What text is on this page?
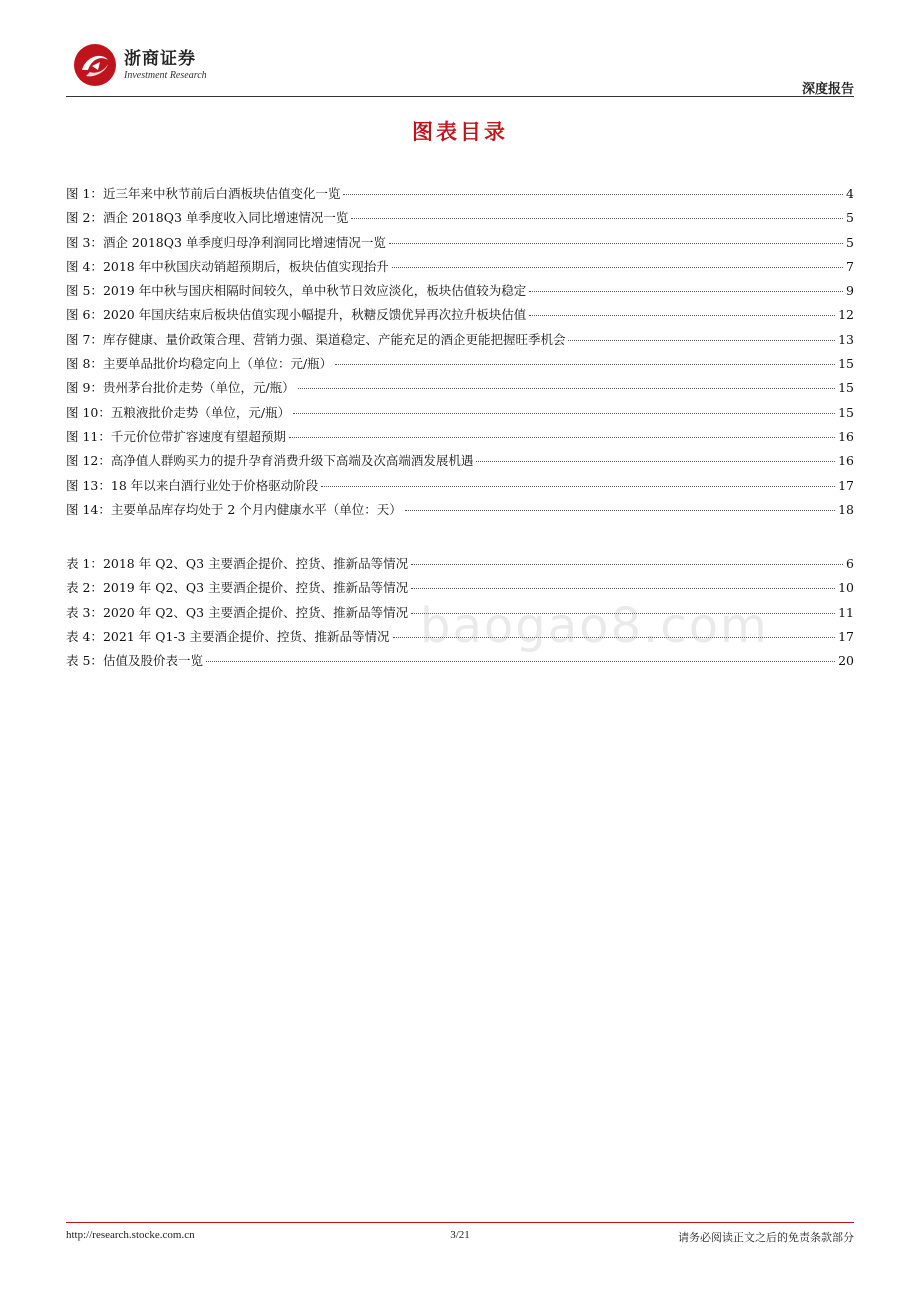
浙商证券
Investment Research
深度报告
图表目录
图 1： 近三年来中秋节前后白酒板块估值变化一览	4
图 2： 酒企 2018Q3 单季度收入同比增速情况一览	5
图 3： 酒企 2018Q3 单季度归母净利润同比增速情况一览	5
图 4： 2018 年中秋国庆动销超预期后，板块估值实现抬升	7
图 5： 2019 年中秋与国庆相隔时间较久，单中秋节日效应淡化，板块估值较为稳定	9
图 6： 2020 年国庆结束后板块估值实现小幅提升，秋糖反馈优异再次拉升板块估值	12
图 7： 库存健康、量价政策合理、营销力强、渠道稳定、产能充足的酒企更能把握旺季机会	13
图 8： 主要单品批价均稳定向上（单位：元/瓶）	15
图 9： 贵州茅台批价走势（单位，元/瓶）	15
图 10： 五粮液批价走势（单位，元/瓶）	15
图 11： 千元价位带扩容速度有望超预期	16
图 12： 高净值人群购买力的提升孕育消费升级下高端及次高端酒发展机遇	16
图 13： 18 年以来白酒行业处于价格驱动阶段	17
图 14： 主要单品库存均处于 2 个月内健康水平（单位：天）	18
表 1： 2018 年 Q2、Q3 主要酒企提价、控货、推新品等情况	6
表 2： 2019 年 Q2、Q3 主要酒企提价、控货、推新品等情况	10
表 3： 2020 年 Q2、Q3 主要酒企提价、控货、推新品等情况	11
表 4： 2021 年 Q1-3 主要酒企提价、控货、推新品等情况	17
表 5： 估值及股价表一览	20
baogao8.com
http://research.stocke.com.cn	3/21	请务必阅读正文之后的免责条款部分
